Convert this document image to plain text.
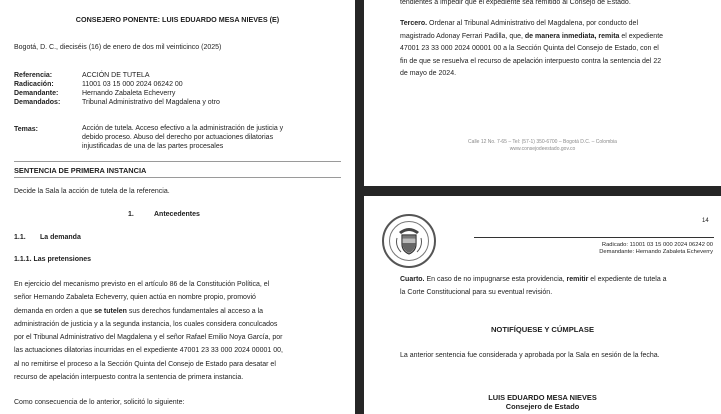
CONSEJERO PONENTE: LUIS EDUARDO MESA NIEVES (E)
Bogotá, D. C., dieciséis (16) de enero de dos mil veinticinco (2025)
Referencia:	ACCIÓN DE TUTELA
Radicación:	11001 03 15 000 2024 06242 00
Demandante:	Hernando Zabaleta Echeverry
Demandados:	Tribunal Administrativo del Magdalena y otro
Temas:	Acción de tutela. Acceso efectivo a la administración de justicia y
debido proceso. Abuso del derecho por actuaciones dilatorias
injustificadas de una de las partes procesales
SENTENCIA DE PRIMERA INSTANCIA
Decide la Sala la acción de tutela de la referencia.
1.	Antecedentes
1.1. La demanda
1.1.1. Las pretensiones
En ejercicio del mecanismo previsto en el artículo 86 de la Constitución Política, el
señor Hernando Zabaleta Echeverry, quien actúa en nombre propio, promovió
demanda en orden a que se tutelen sus derechos fundamentales al acceso a la
administración de justicia y a la segunda instancia, los cuales considera conculcados
por el Tribunal Administrativo del Magdalena y el señor Rafael Emilio Noya García, por
las actuaciones dilatorias incurridas en el expediente 47001 23 33 000 2024 00001 00,
al no remitirse el proceso a la Sección Quinta del Consejo de Estado para desatar el
recurso de apelación interpuesto contra la sentencia de primera instancia.
Como consecuencia de lo anterior, solicitó lo siguiente:
tendientes a impedir que el expediente sea remitido al Consejo de Estado.
Tercero. Ordenar al Tribunal Administrativo del Magdalena, por conducto del
magistrado Adonay Ferrari Padilla, que, de manera inmediata, remita el expediente
47001 23 33 000 2024 00001 00 a la Sección Quinta del Consejo de Estado, con el
fin de que se resuelva el recurso de apelación interpuesto contra la sentencia del 22
de mayo de 2024.
Calle 12 No. 7-65 – Tel: (57-1) 350-6700 – Bogotá D.C. – Colombia
www.consejodeestado.gov.co
14
Radicado: 11001 03 15 000 2024 06242 00
Demandante: Hernando Zabaleta Echeverry
Cuarto. En caso de no impugnarse esta providencia, remitir el expediente de tutela a
la Corte Constitucional para su eventual revisión.
NOTIFÍQUESE Y CÚMPLASE
La anterior sentencia fue considerada y aprobada por la Sala en sesión de la fecha.
LUIS EDUARDO MESA NIEVES
Consejero de Estado
